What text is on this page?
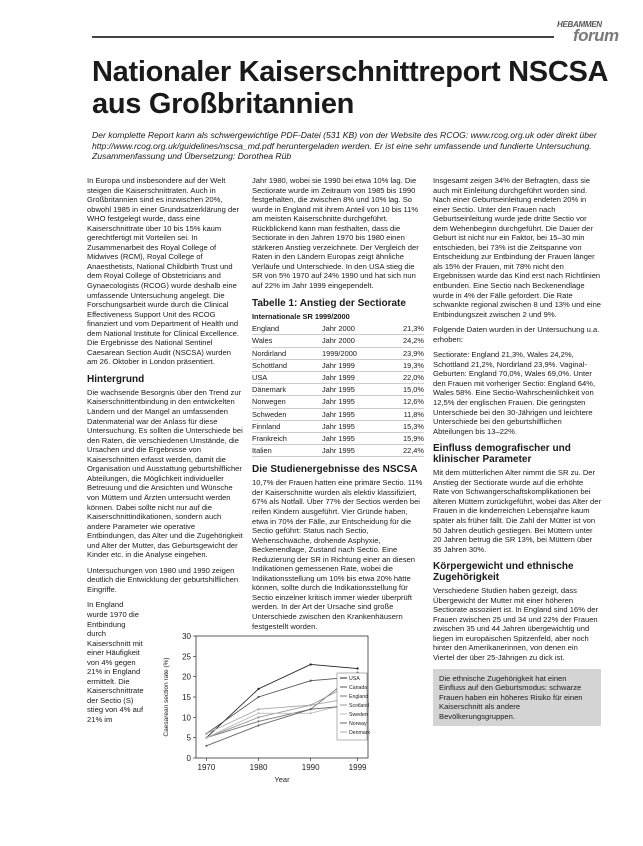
HEBAMMEN
forum
Nationaler Kaiserschnittreport NSCSA aus Großbritannien

Der komplette Report kann als schwergewichtige PDF-Datei (531 KB) von der Website des RCOG: www.rcog.org.uk oder direkt über http://www.rcog.org.uk/guidelines/nscsa_md.pdf heruntergeladen werden. Er ist eine sehr umfassende und fundierte Untersuchung. Zusammenfassung und Übersetzung: Dorothea Rüb

In Europa und insbesondere auf der Welt steigen die Kaiserschnittraten. Auch in Großbritannien sind es inzwischen 20%, obwohl 1985 in einer Grundsatzerklärung der WHO festgelegt wurde, dass eine Kaiserschnittrate über 10 bis 15% kaum gerechtfertigt mit Vorteilen sei. In Zusammenarbeit des Royal College of Midwives (RCM), Royal College of Anaesthetists, National Childbirth Trust und dem Royal College of Obstetricians and Gynaecologists (RCOG) wurde deshalb eine umfassende Untersuchung angelegt. Die Forschungsarbeit wurde durch die Clinical Effectiveness Support Unit des RCOG finanziert und vom Department of Health und dem National Institute for Clinical Excellence. Die Ergebnisse des National Sentinel Caesarean Section Audit (NSCSA) wurden am 26. Oktober in London präsentiert.

Hintergrund

Die wachsende Besorgnis über den Trend zur Kaiserschnittentbindung in den entwickelten Ländern und der Mangel an umfassenden Datenmaterial war der Anlass für diese Untersuchung. Es sollten die Unterschiede bei den Raten, die verschiedenen Umstände, die Ursachen und die Ergebnisse von Kaiserschnitten erfasst werden, damit die Organisation und Ausstattung geburtshilflicher Abteilungen, die Möglichkeit individueller Betreuung und die Ansichten und Wünsche von Müttern und Ärzten untersucht werden können. Dabei sollte nicht nur auf die Kaiserschnittindikationen, sondern auch andere Parameter wie operative Entbindungen, das Alter und die Zugehörigkeit und Alter der Mutter, das Geburtsgewicht der Kinder etc. in die Analyse eingehen.

Untersuchungen von 1980 und 1990 zeigen deutlich die Entwicklung der geburtshilflichen Eingriffe.

In England wurde 1970 die Entbindung durch Kaiserschnitt mit einer Häufigkeit von 4% gegen 21% in England ermittelt. Die Kaiserschnittrate der Sectio (S) stieg von 4% auf 21% im

Jahr 1980, wobei sie 1990 bei etwa 10% lag. Die Sectiorate wurde im Zeitraum von 1985 bis 1990 festgehalten, die zwischen 8% und 10% lag. So wurde in England mit ihrem Anteil von 10 bis 11% am meisten Kaiserschnitte durchgeführt. Rückblickend kann man festhalten, dass die Sectiorate in den Jahren 1970 bis 1980 einen stärkeren Anstieg verzeichnete. Der Vergleich der Raten in den Ländern Europas zeigt ähnliche Verläufe und Unterschiede. In den USA stieg die SR von 5% 1970 auf 24% 1990 und hat sich nun auf 22% im Jahr 1999 eingependelt.

Tabelle 1: Anstieg der Sectiorate
Internationale SR 1999/2000
England	Jahr 2000	21,3%
Wales	Jahr 2000	24,2%
Nordirland	1999/2000	23,9%
Schottland	Jahr 1999	19,3%
USA	Jahr 1999	22,0%
Dänemark	Jahr 1995	15,0%
Norwegen	Jahr 1995	12,6%
Schweden	Jahr 1995	11,8%
Finnland	Jahr 1995	15,3%
Frankreich	Jahr 1995	15,9%
Italien	Jahr 1995	22,4%
Die Studienergebnisse des NSCSA

10,7% der Frauen hatten eine primäre Sectio. 11% der Kaiserschnitte wurden als elektiv klassifiziert, 67% als Notfall. Über 77% der Sectios werden bei reifen Kindern ausgeführt. Vier Gründe haben, etwa in 70% der Fälle, zur Entscheidung für die Sectio geführt: Status nach Sectio, Wehenschwäche, drohende Asphyxie, Beckenendlage, Zustand nach Sectio. Eine Reduzierung der SR in Richtung einer an diesen Indikationen gemessenen Rate, wobei die Indikationsstellung um 10% bis etwa 20% hätte können, sollte durch die Indikationsstellung für Sectio einzelner kritisch immer wieder überprüft werden. In der Art der Ursache sind große Unterschiede zwischen den Krankenhäusern festgestellt worden.

Insgesamt zeigen 34% der Befragten, dass sie auch mit Einleitung durchgeführt worden sind. Nach einer Geburtseinleitung endeten 20% in einer Sectio. Unter den Frauen nach Geburtseinleitung wurde jede dritte Sectio vor dem Wehenbeginn durchgeführt. Die Dauer der Geburt ist nicht nur ein Faktor, bei 15–30 min entschieden, bei 73% ist die Zeitspanne von Entscheidung zur Entbindung der Frauen länger als 15% der Frauen, mit 78% nicht den Ergebnissen wurde das Kind erst nach Richtlinien entbunden. Eine Sectio nach Beckenendlage wurde in 4% der Fälle gefordert. Die Rate schwankte regional zwischen 8 und 13% und eine Entbindungszeit zwischen 2 und 9%.

Folgende Daten wurden in der Untersuchung u.a. erhoben:

Sectiorate: England 21,3%, Wales 24,2%, Schottland 21,2%, Nordirland 23,9%. Vaginal-Geburten: England 70,0%, Wales 69,0%. Unter den Frauen mit vorheriger Sectio: England 64%, Wales 58%. Eine Sectio-Wahrscheinlichkeit von 12,5% der englischen Frauen. Die geringsten Unterschiede bei den 30-Jährigen und leichtere Unterschiede bei den geburtshilflichen Abteilungen bis 13–22%.

Einfluss demografischer und klinischer Parameter

Mit dem mütterlichen Alter nimmt die SR zu. Der Anstieg der Sectiorate wurde auf die erhöhte Rate von Schwangerschaftskomplikationen bei älteren Müttern zurückgeführt, wobei das Alter der Frauen in die kinderreichen Lebensjahre kaum später als früher fällt. Die Zahl der Mütter ist von 50 Jahren deutlich gestiegen. Bei Müttern unter 20 Jahren betrug die SR 13%, bei Müttern über 35 Jahren 30%.

Körpergewicht und ethnische Zugehörigkeit

Verschiedene Studien haben gezeigt, dass Übergewicht der Mutter mit einer höheren Sectiorate assoziiert ist. In England sind 16% der Frauen zwischen 25 und 34 und 22% der Frauen zwischen 35 und 44 Jahren übergewichtig und liegen im europäischen Spitzenfeld, aber noch hinter den Amerikanerinnen, von denen ein Viertel der über 25-Jährigen zu dick ist.

Die ethnische Zugehörigkeit hat einen Einfluss auf den Geburtsmodus: schwarze Frauen haben ein höheres Risiko für einen Kaiserschnitt als andere Bevölkerungsgruppen.
0
5
10
15
20
25
30
1970	1980	1990	1999
Year
Caesarean section rate (%)	USA
Canada
England
Scotland
Sweden
Norway
Denmark
